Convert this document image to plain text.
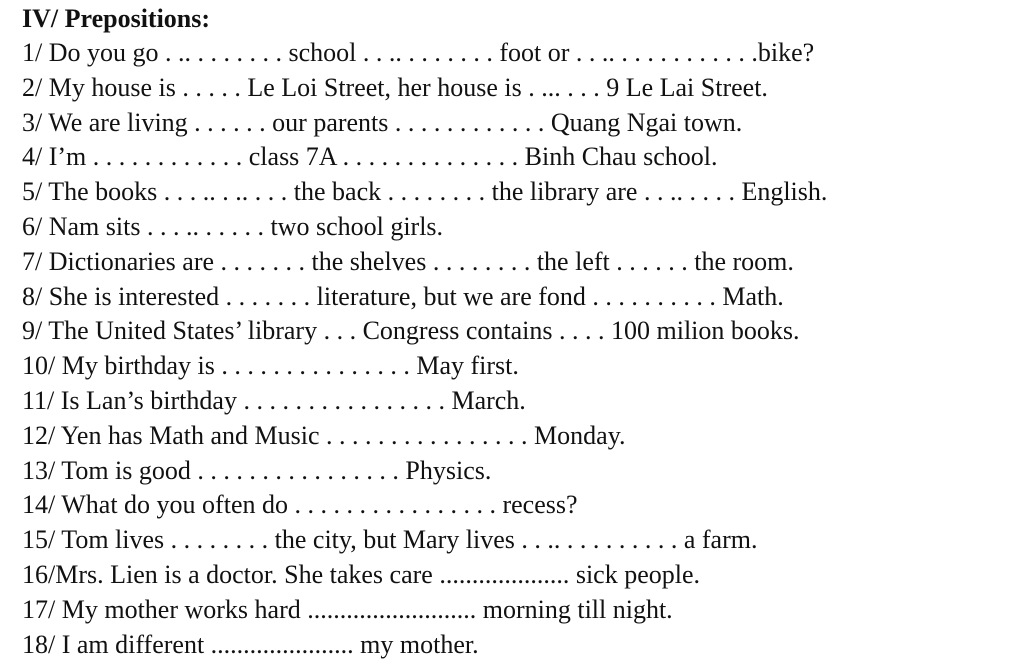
IV/ Prepositions:
1/ Do you go . .. . . . . . . . school . . .. . . . . . . . foot or . . .. . . . . . . . . . . .bike?
2/ My house is . . . . . Le Loi Street, her house is . ... . . . 9 Le Lai Street.
3/ We are living . . . . . . our parents . . . . . . . . . . . . Quang Ngai town.
4/ I’m . . . . . . . . . . . . class 7A . . . . . . . . . . . . . . Binh Chau school.
5/ The books . . . .. . .. . . . the back . . . . . . . . the library are . . .. . . . . English.
6/ Nam sits . . . .. . . . . . two school girls.
7/ Dictionaries are . . . . . . . the shelves . . . . . . . . the left . . . . . . the room.
8/ She is interested . . . . . . . literature, but we are fond . . . . . . . . . . Math.
9/ The United States’ library . . . Congress contains . . . . 100 milion books.
10/ My birthday is . . . . . . . . . . . . . . . May first.
11/ Is Lan’s birthday . . . . . . . . . . . . . . . . March.
12/ Yen has Math and Music . . . . . . . . . . . . . . . . Monday.
13/ Tom is good . . . . . . . . . . . . . . . . Physics.
14/ What do you often do . . . . . . . . . . . . . . . . recess?
15/ Tom lives . . . . . . . . the city, but Mary lives . . .. . . . . . . . . . a farm.
16/Mrs. Lien is a doctor. She takes care .................... sick people.
17/ My mother works hard .......................... morning till night.
18/ I am different ...................... my mother.
